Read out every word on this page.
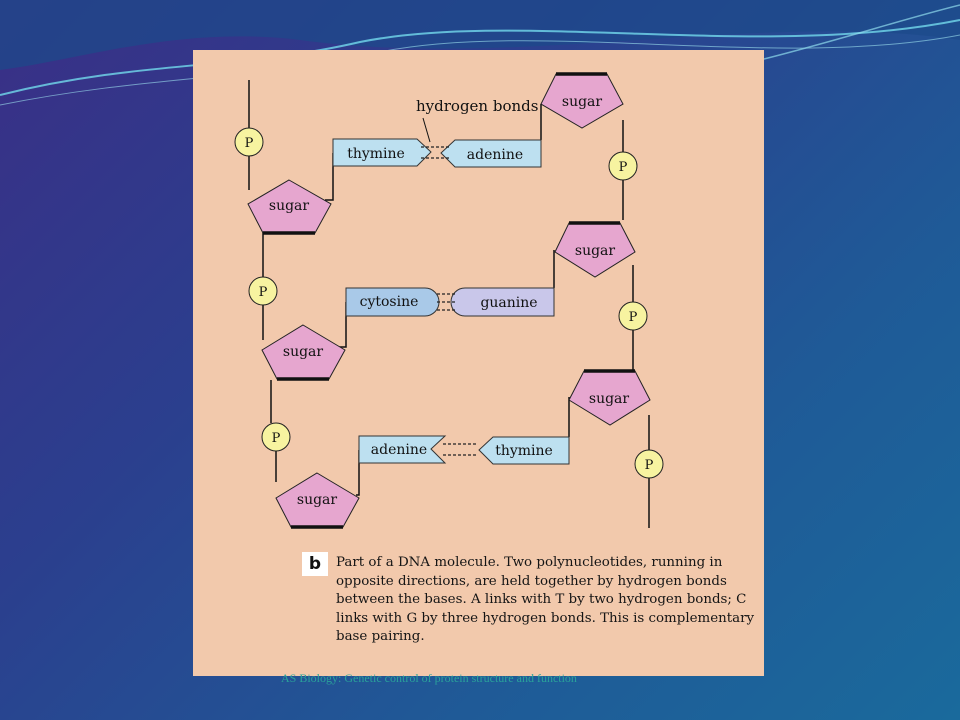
hydrogen bonds
P
P
P
P
P
P
sugar
sugar
sugar
sugar
sugar
sugar
thymine	adenine
cytosine	guanine
adenine	thymine
b	Part of a DNA molecule. Two polynucleotides, running in opposite directions, are held together by hydrogen bonds between the bases. A links with T by two hydrogen bonds; C links with G by three hydrogen bonds. This is complementary base pairing.
AS Biology: Genetic control of protein structure and function
